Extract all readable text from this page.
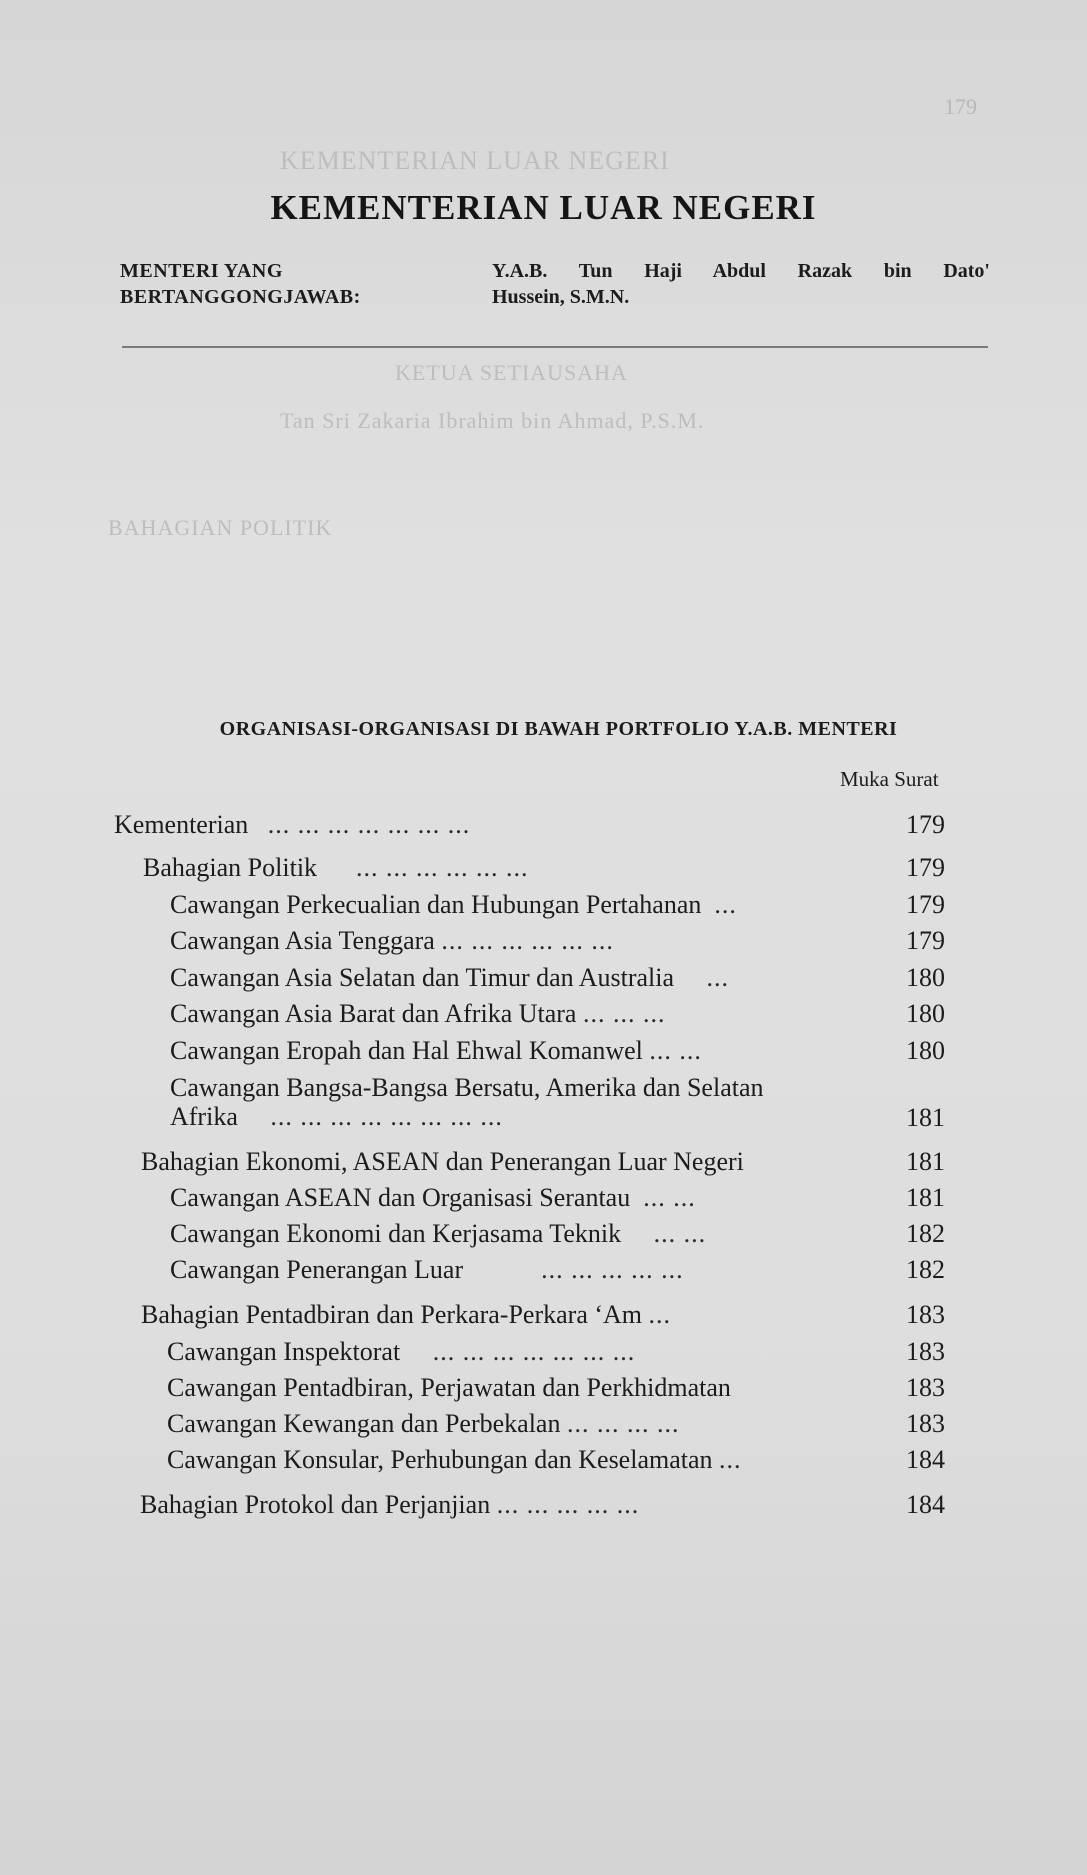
179
KEMENTERIAN LUAR NEGERI
KETUA SETIAUSAHA
Tan Sri Zakaria Ibrahim bin Ahmad, P.S.M.
BAHAGIAN POLITIK
KEMENTERIAN LUAR NEGERI
MENTERI YANG
BERTANGGONGJAWAB:
Y.A.B. Tun Haji Abdul Razak bin Dato'
Hussein, S.M.N.
ORGANISASI-ORGANISASI DI BAWAH PORTFOLIO Y.A.B. MENTERI
Muka Surat
Kementerian ... ... ... ... ... ... ...	179
Bahagian Politik ... ... ... ... ... ...	179
Cawangan Perkecualian dan Hubungan Pertahanan ...	179
Cawangan Asia Tenggara ... ... ... ... ... ...	179
Cawangan Asia Selatan dan Timur dan Australia ...	180
Cawangan Asia Barat dan Afrika Utara ... ... ...	180
Cawangan Eropah dan Hal Ehwal Komanwel ... ...	180
Cawangan Bangsa-Bangsa Bersatu, Amerika dan Selatan
Afrika ... ... ... ... ... ... ... ...	181
Bahagian Ekonomi, ASEAN dan Penerangan Luar Negeri	181
Cawangan ASEAN dan Organisasi Serantau ... ...	181
Cawangan Ekonomi dan Kerjasama Teknik ... ...	182
Cawangan Penerangan Luar	... ... ... ... ...	182
Bahagian Pentadbiran dan Perkara-Perkara ‘Am ...	183
Cawangan Inspektorat ... ... ... ... ... ... ...	183
Cawangan Pentadbiran, Perjawatan dan Perkhidmatan	183
Cawangan Kewangan dan Perbekalan ... ... ... ...	183
Cawangan Konsular, Perhubungan dan Keselamatan ...	184
Bahagian Protokol dan Perjanjian ... ... ... ... ...	184
